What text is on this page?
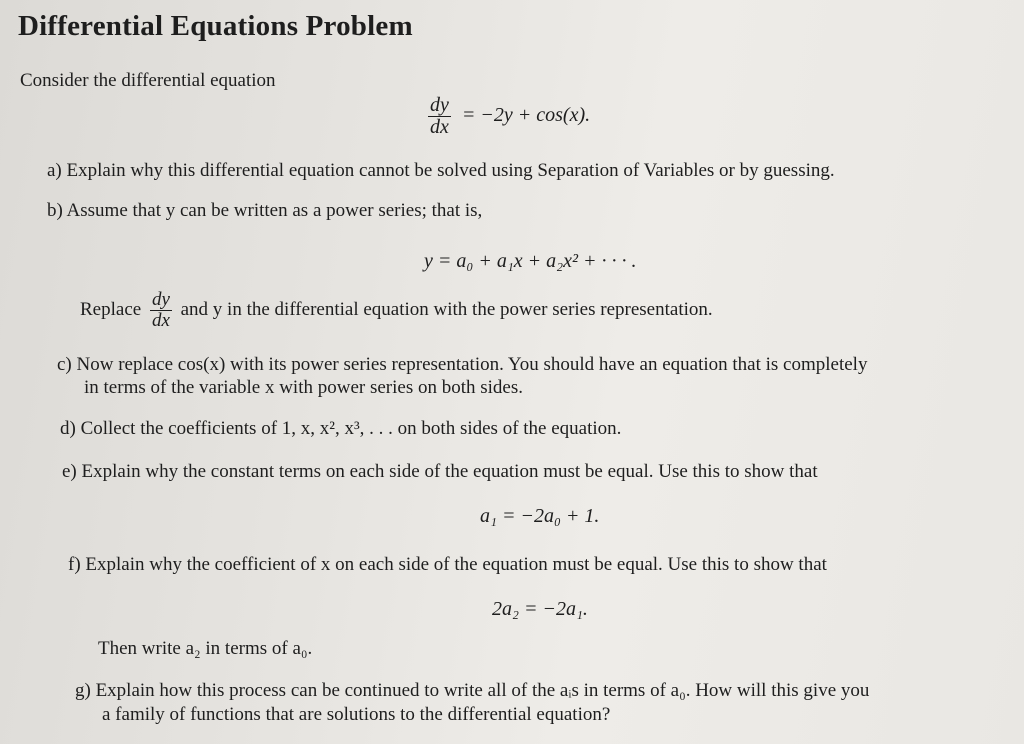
Differential Equations Problem
Consider the differential equation
$\frac{dy}{dx} = -2y + \cos(x)$.
a) Explain why this differential equation cannot be solved using Separation of Variables or by guessing.
b) Assume that y can be written as a power series; that is,
y = a₀ + a₁x + a₂x² + · · · .
Replace $\frac{dy}{dx}$ and y in the differential equation with the power series representation.
c) Now replace cos(x) with its power series representation. You should have an equation that is completely
in terms of the variable x with power series on both sides.
d) Collect the coefficients of 1, x, x², x³, . . . on both sides of the equation.
e) Explain why the constant terms on each side of the equation must be equal. Use this to show that
a₁ = −2a₀ + 1.
f) Explain why the coefficient of x on each side of the equation must be equal. Use this to show that
2a₂ = −2a₁.
Then write a₂ in terms of a₀.
g) Explain how this process can be continued to write all of the aᵢs in terms of a₀. How will this give you
a family of functions that are solutions to the differential equation?
